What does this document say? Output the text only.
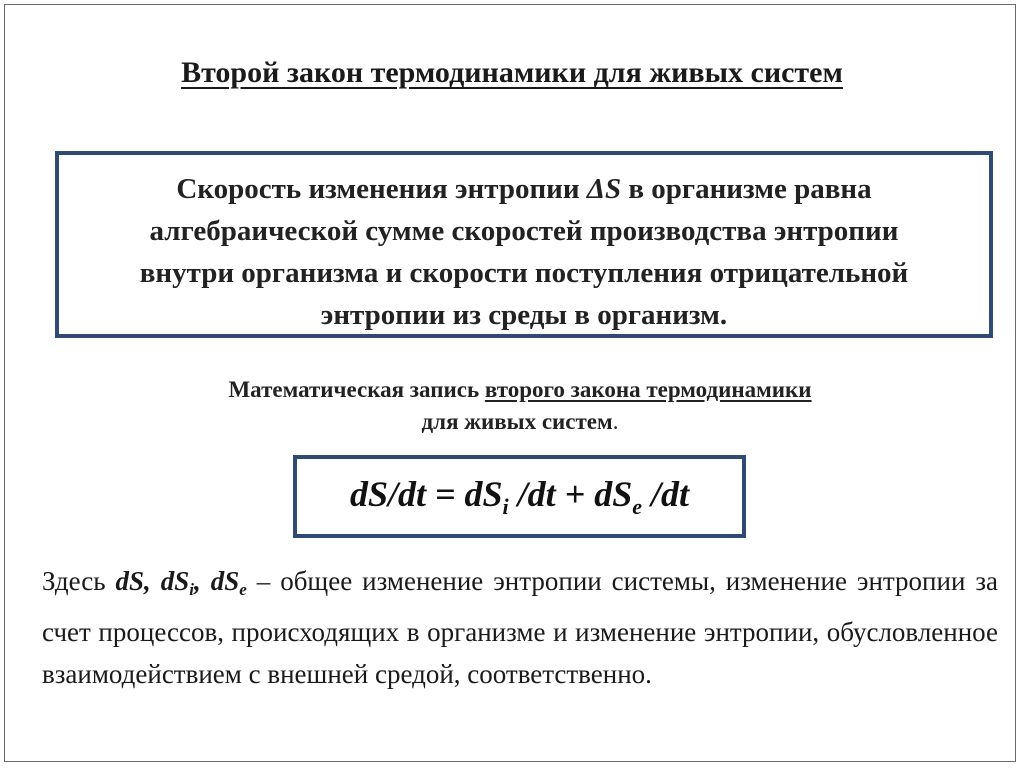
Второй закон термодинамики для живых систем
Скорость изменения энтропии ΔS в организме равна
алгебраической сумме скоростей производства энтропии
внутри организма и скорости поступления отрицательной
энтропии из среды в организм.
Математическая запись второго закона термодинамики
для живых систем.
$dS/dt = dS_i$ $/dt + dS_e$ /dt
Здесь dS, $dS_i$, $dS_e$ – общее изменение энтропии системы, изменение энтропии за счет процессов, происходящих в организме и изменение энтропии, обусловленное взаимодействием с внешней средой, соответственно.
